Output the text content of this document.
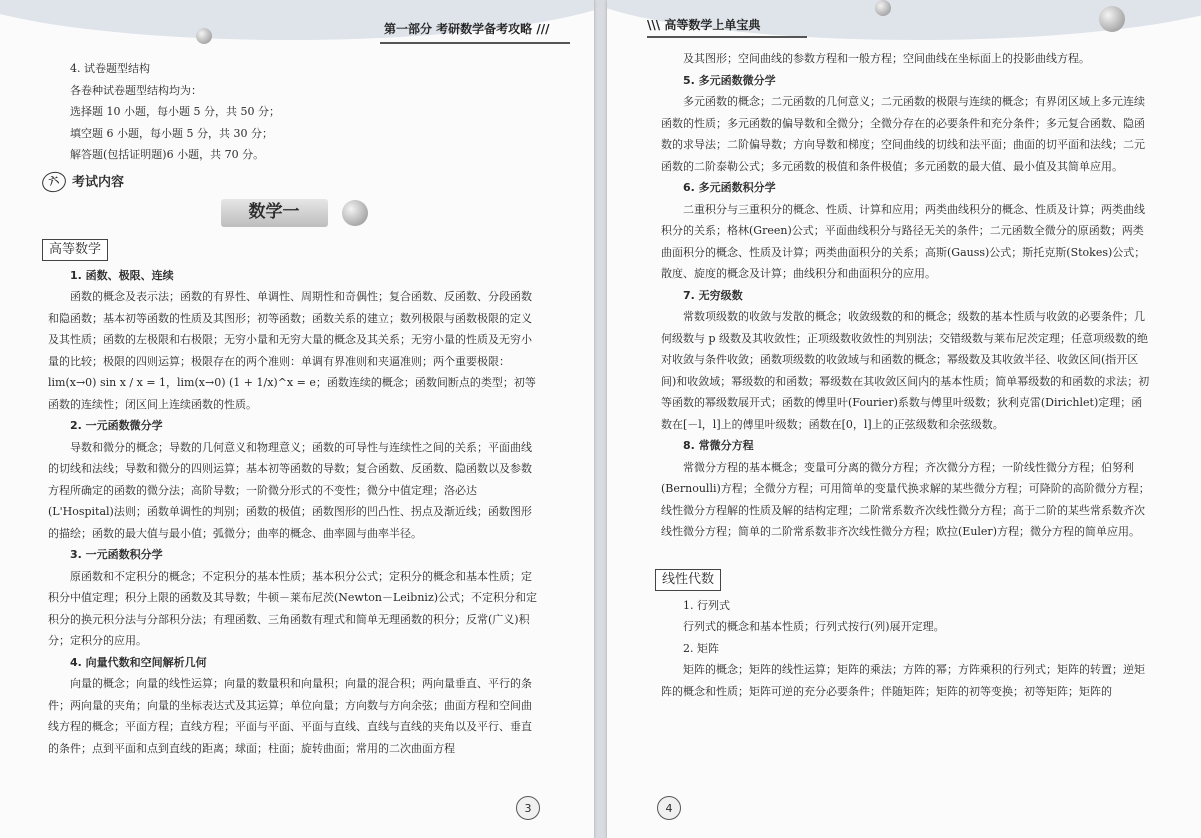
第一部分 考研数学备考攻略 ///

4. 试卷题型结构

各卷种试卷题型结构均为：

选择题 10 小题，每小题 5 分，共 50 分；

填空题 6 小题，每小题 5 分，共 30 分；

解答题(包括证明题)6 小题，共 70 分。

六 考试内容
数学一
高等数学

1. 函数、极限、连续

函数的概念及表示法；函数的有界性、单调性、周期性和奇偶性；复合函数、反函数、分段函数和隐函数；基本初等函数的性质及其图形；初等函数；函数关系的建立；数列极限与函数极限的定义及其性质；函数的左极限和右极限；无穷小量和无穷大量的概念及其关系；无穷小量的性质及无穷小量的比较；极限的四则运算；极限存在的两个准则：单调有界准则和夹逼准则；两个重要极限：lim(x→0) sin x / x = 1，lim(x→0) (1 + 1/x)^x = e；函数连续的概念；函数间断点的类型；初等函数的连续性；闭区间上连续函数的性质。

2. 一元函数微分学

导数和微分的概念；导数的几何意义和物理意义；函数的可导性与连续性之间的关系；平面曲线的切线和法线；导数和微分的四则运算；基本初等函数的导数；复合函数、反函数、隐函数以及参数方程所确定的函数的微分法；高阶导数；一阶微分形式的不变性；微分中值定理；洛必达(L'Hospital)法则；函数单调性的判别；函数的极值；函数图形的凹凸性、拐点及渐近线；函数图形的描绘；函数的最大值与最小值；弧微分；曲率的概念、曲率圆与曲率半径。

3. 一元函数积分学

原函数和不定积分的概念；不定积分的基本性质；基本积分公式；定积分的概念和基本性质；定积分中值定理；积分上限的函数及其导数；牛顿－莱布尼茨(Newton－Leibniz)公式；不定积分和定积分的换元积分法与分部积分法；有理函数、三角函数有理式和简单无理函数的积分；反常(广义)积分；定积分的应用。

4. 向量代数和空间解析几何

向量的概念；向量的线性运算；向量的数量积和向量积；向量的混合积；两向量垂直、平行的条件；两向量的夹角；向量的坐标表达式及其运算；单位向量；方向数与方向余弦；曲面方程和空间曲线方程的概念；平面方程；直线方程；平面与平面、平面与直线、直线与直线的夹角以及平行、垂直的条件；点到平面和点到直线的距离；球面；柱面；旋转曲面；常用的二次曲面方程

3
\\\ 高等数学上单宝典

及其图形；空间曲线的参数方程和一般方程；空间曲线在坐标面上的投影曲线方程。

5. 多元函数微分学

多元函数的概念；二元函数的几何意义；二元函数的极限与连续的概念；有界闭区域上多元连续函数的性质；多元函数的偏导数和全微分；全微分存在的必要条件和充分条件；多元复合函数、隐函数的求导法；二阶偏导数；方向导数和梯度；空间曲线的切线和法平面；曲面的切平面和法线；二元函数的二阶泰勒公式；多元函数的极值和条件极值；多元函数的最大值、最小值及其简单应用。

6. 多元函数积分学

二重积分与三重积分的概念、性质、计算和应用；两类曲线积分的概念、性质及计算；两类曲线积分的关系；格林(Green)公式；平面曲线积分与路径无关的条件；二元函数全微分的原函数；两类曲面积分的概念、性质及计算；两类曲面积分的关系；高斯(Gauss)公式；斯托克斯(Stokes)公式；散度、旋度的概念及计算；曲线积分和曲面积分的应用。

7. 无穷级数

常数项级数的收敛与发散的概念；收敛级数的和的概念；级数的基本性质与收敛的必要条件；几何级数与 p 级数及其收敛性；正项级数收敛性的判别法；交错级数与莱布尼茨定理；任意项级数的绝对收敛与条件收敛；函数项级数的收敛域与和函数的概念；幂级数及其收敛半径、收敛区间(指开区间)和收敛域；幂级数的和函数；幂级数在其收敛区间内的基本性质；简单幂级数的和函数的求法；初等函数的幂级数展开式；函数的傅里叶(Fourier)系数与傅里叶级数；狄利克雷(Dirichlet)定理；函数在[－l，l]上的傅里叶级数；函数在[0，l]上的正弦级数和余弦级数。

8. 常微分方程

常微分方程的基本概念；变量可分离的微分方程；齐次微分方程；一阶线性微分方程；伯努利(Bernoulli)方程；全微分方程；可用简单的变量代换求解的某些微分方程；可降阶的高阶微分方程；线性微分方程解的性质及解的结构定理；二阶常系数齐次线性微分方程；高于二阶的某些常系数齐次线性微分方程；简单的二阶常系数非齐次线性微分方程；欧拉(Euler)方程；微分方程的简单应用。

线性代数

1. 行列式

行列式的概念和基本性质；行列式按行(列)展开定理。

2. 矩阵

矩阵的概念；矩阵的线性运算；矩阵的乘法；方阵的幂；方阵乘积的行列式；矩阵的转置；逆矩阵的概念和性质；矩阵可逆的充分必要条件；伴随矩阵；矩阵的初等变换；初等矩阵；矩阵的

4
